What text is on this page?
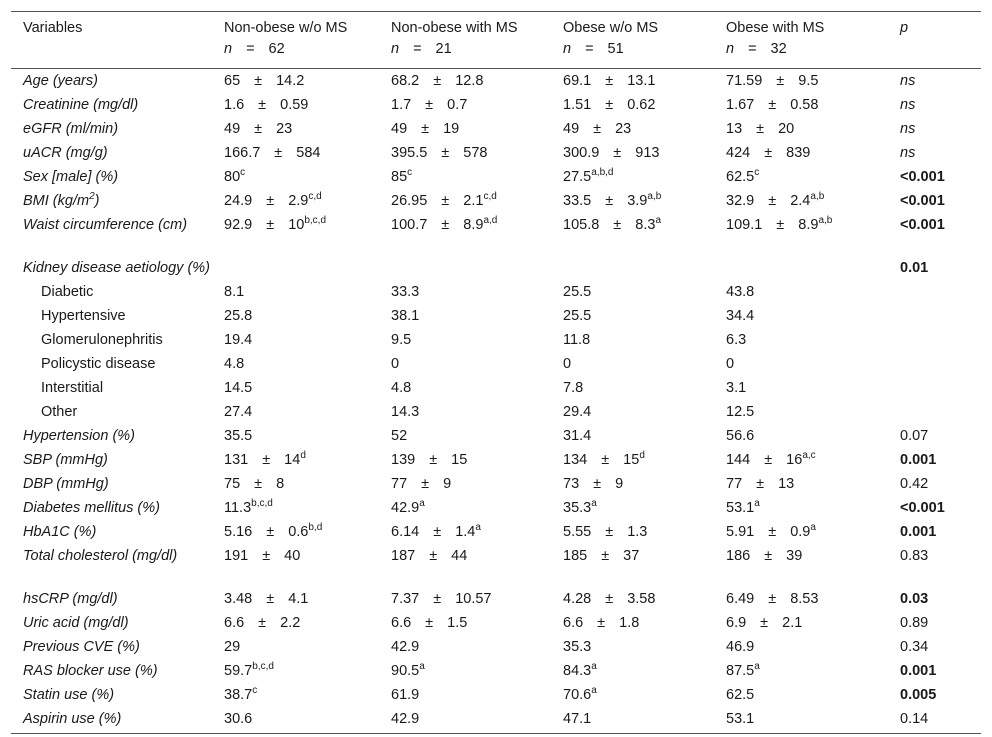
Variables	Non-obese w/o MS	Non-obese with MS	Obese w/o MS	Obese with MS	p
	n = 62	n = 21	n = 51	n = 32	
Age (years)	65 ± 14.2	68.2 ± 12.8	69.1 ± 13.1	71.59 ± 9.5	ns
Creatinine (mg/dl)	1.6 ± 0.59	1.7 ± 0.7	1.51 ± 0.62	1.67 ± 0.58	ns
eGFR (ml/min)	49 ± 23	49 ± 19	49 ± 23	13 ± 20	ns
uACR (mg/g)	166.7 ± 584	395.5 ± 578	300.9 ± 913	424 ± 839	ns
Sex [male] (%)	80$^c$	85$^c$	27.5$^{a,b,d}$	62.5$^c$	<0.001
BMI $(kg/m^2)$	$24.9 \pm 2.9^{c,d}$	$26.95 \pm 2.1^{c,d}$	$33.5 \pm 3.9^{a,b}$	$32.9 \pm 2.4^{a,b}$	<0.001
Waist circumference (cm)	$92.9 \pm 10^{b,c,d}$	$100.7 \pm 8.9^{a,d}$	105.8 ± 8.3$^a$	$109.1 \pm 8.9^{a,b}$	<0.001
Kidney disease aetiology (%)					0.01
Diabetic	8.1	33.3	25.5	43.8	
Hypertensive	25.8	38.1	25.5	34.4	
Glomerulonephritis	19.4	9.5	11.8	6.3	
Policystic disease	4.8	0	0	0	
Interstitial	14.5	4.8	7.8	3.1	
Other	27.4	14.3	29.4	12.5	
Hypertension (%)	35.5	52	31.4	56.6	0.07
SBP (mmHg)	$131 \pm 14^d$	139 ± 15	$134 \pm 15^d$	$144 \pm 16^{a,c}$	0.001
DBP (mmHg)	75 ± 8	77 ± 9	73 ± 9	77 ± 13	0.42
Diabetes mellitus (%)	11.3$^{b,c,d}$	42.9$^a$	35.3$^a$	53.1$^a$	<0.001
HbA1C (%)	$5.16 \pm 0.6^{b,d}$	6.14 ± 1.4$^a$	5.55 ± 1.3	5.91 ± 0.9$^a$	0.001
Total cholesterol (mg/dl)	191 ± 40	187 ± 44	185 ± 37	186 ± 39	0.83
hsCRP (mg/dl)	3.48 ± 4.1	7.37 ± 10.57	4.28 ± 3.58	6.49 ± 8.53	0.03
Uric acid (mg/dl)	6.6 ± 2.2	6.6 ± 1.5	6.6 ± 1.8	6.9 ± 2.1	0.89
Previous CVE (%)	29	42.9	35.3	46.9	0.34
RAS blocker use (%)	59.7$^{b,c,d}$	90.5$^a$	84.3$^a$	87.5$^a$	0.001
Statin use (%)	38.7$^c$	61.9	70.6$^a$	62.5	0.005
Aspirin use (%)	30.6	42.9	47.1	53.1	0.14
